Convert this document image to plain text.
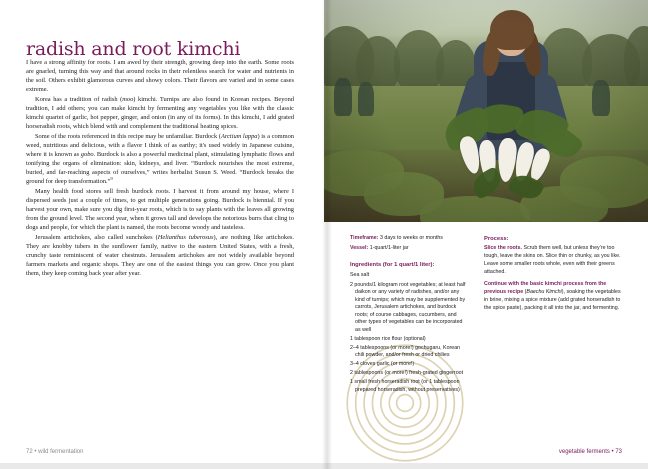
radish and root kimchi

I have a strong affinity for roots. I am awed by their strength, growing deep into the earth. Some roots are gnarled, turning this way and that around rocks in their relentless search for water and nutrients in the soil. Others exhibit glamorous curves and showy colors. Their flavors are varied and in some cases extreme.

Korea has a tradition of radish (moo) kimchi. Turnips are also found in Korean recipes. Beyond tradition, I add others; you can make kimchi by fermenting any vegetables you like with the classic kimchi quartet of garlic, hot pepper, ginger, and onion (in any of its forms). In this kimchi, I add grated horseradish roots, which blend with and complement the traditional heating spices.

Some of the roots referenced in this recipe may be unfamiliar. Burdock (Arctium lappa) is a common weed, nutritious and delicious, with a flavor I think of as earthy; it's used widely in Japanese cuisine, where it is known as gobo. Burdock is also a powerful medicinal plant, stimulating lymphatic flows and tonifying the organs of elimination: skin, kidneys, and liver. “Burdock nourishes the most extreme, buried, and far-reaching aspects of ourselves,” writes herbalist Susun S. Weed. “Burdock breaks the ground for deep transformation.”$^9$

Many health food stores sell fresh burdock roots. I harvest it from around my house, where I dispersed seeds just a couple of times, to get multiple generations going. Burdock is biennial. If you harvest your own, make sure you dig first-year roots, which is to say plants with the leaves all growing from the ground level. The second year, when it grows tall and develops the notorious burrs that cling to dogs and people, for which the plant is named, the roots become woody and tasteless.

Jerusalem artichokes, also called sunchokes (Helianthus tuberosus), are nothing like artichokes. They are knobby tubers in the sunflower family, native to the eastern United States, with a fresh, crunchy taste reminiscent of water chestnuts. Jerusalem artichokes are not widely available beyond farmers markets and organic shops. They are one of the easiest things you can grow. Once you plant them, they keep coming back year after year.

72 • wild fermentation
Timeframe: 3 days to weeks or months
Vessel: 1-quart/1-liter jar
Ingredients (for 1 quart/1 liter):
Sea salt
2 pounds/1 kilogram root vegetables; at least half daikon or any variety of radishes, and/or any kind of turnips; which may be supplemented by carrots, Jerusalem artichokes, and burdock roots; of course cabbages, cucumbers, and other types of vegetables can be incorporated as well
1 tablespoon rice flour (optional)
2–4 tablespoons (or more!) gochugaru, Korean chili powder, and/or fresh or dried chilies
3–4 cloves garlic (or more!)
2 tablespoons (or more!) fresh-grated gingerroot
1 small fresh horseradish root (or 1 tablespoon prepared horseradish, without preservatives)
Process:

Slice the roots. Scrub them well, but unless they’re too tough, leave the skins on. Slice thin or chunky, as you like. Leave some smaller roots whole, even with their greens attached.

Continue with the basic kimchi process from the previous recipe (Baechu Kimchi), soaking the vegetables in brine, mixing a spice mixture (add grated horseradish to the spice paste), packing it all into the jar, and fermenting.

vegetable ferments • 73
